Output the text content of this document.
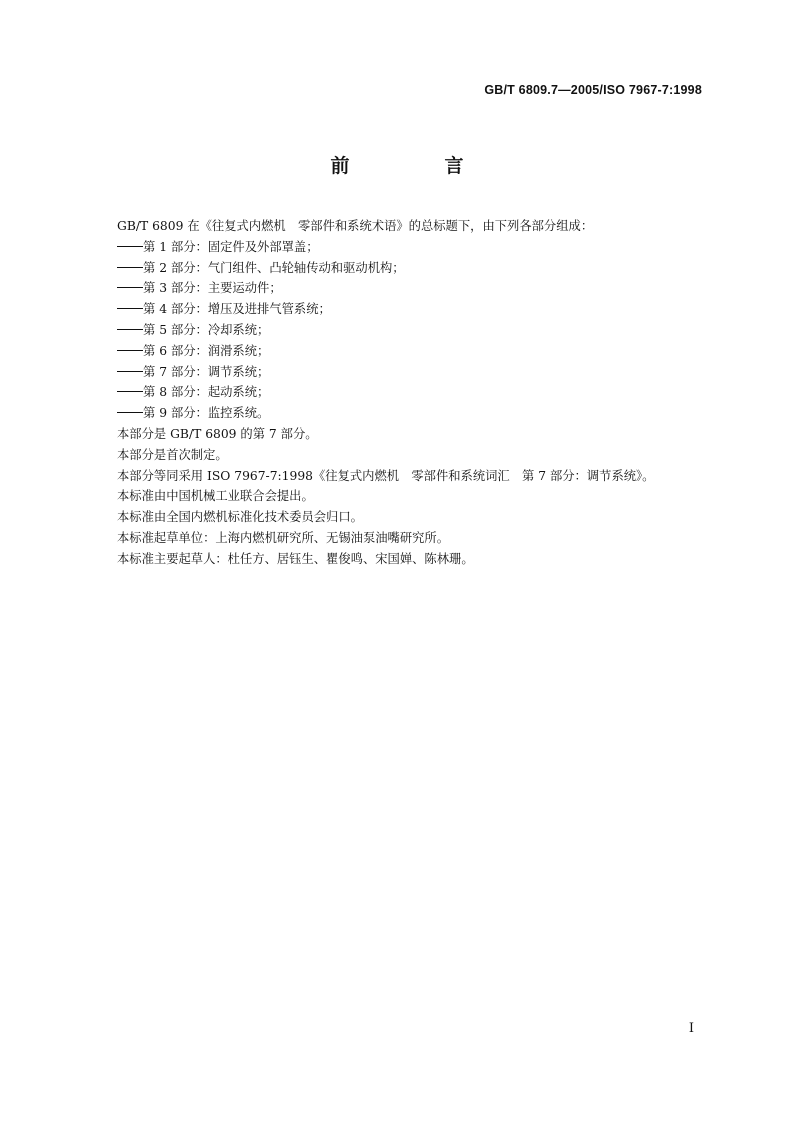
GB/T 6809.7—2005/ISO 7967-7:1998
前　言
GB/T 6809 在《往复式内燃机　零部件和系统术语》的总标题下，由下列各部分组成：
第 1 部分：固定件及外部罩盖；
第 2 部分：气门组件、凸轮轴传动和驱动机构；
第 3 部分：主要运动件；
第 4 部分：增压及进排气管系统；
第 5 部分：冷却系统；
第 6 部分：润滑系统；
第 7 部分：调节系统；
第 8 部分：起动系统；
第 9 部分：监控系统。
本部分是 GB/T 6809 的第 7 部分。
本部分是首次制定。
本部分等同采用 ISO 7967-7:1998《往复式内燃机　零部件和系统词汇　第 7 部分：调节系统》。
本标准由中国机械工业联合会提出。
本标准由全国内燃机标准化技术委员会归口。
本标准起草单位：上海内燃机研究所、无锡油泵油嘴研究所。
本标准主要起草人：杜任方、居钰生、瞿俊鸣、宋国婵、陈林珊。
I
